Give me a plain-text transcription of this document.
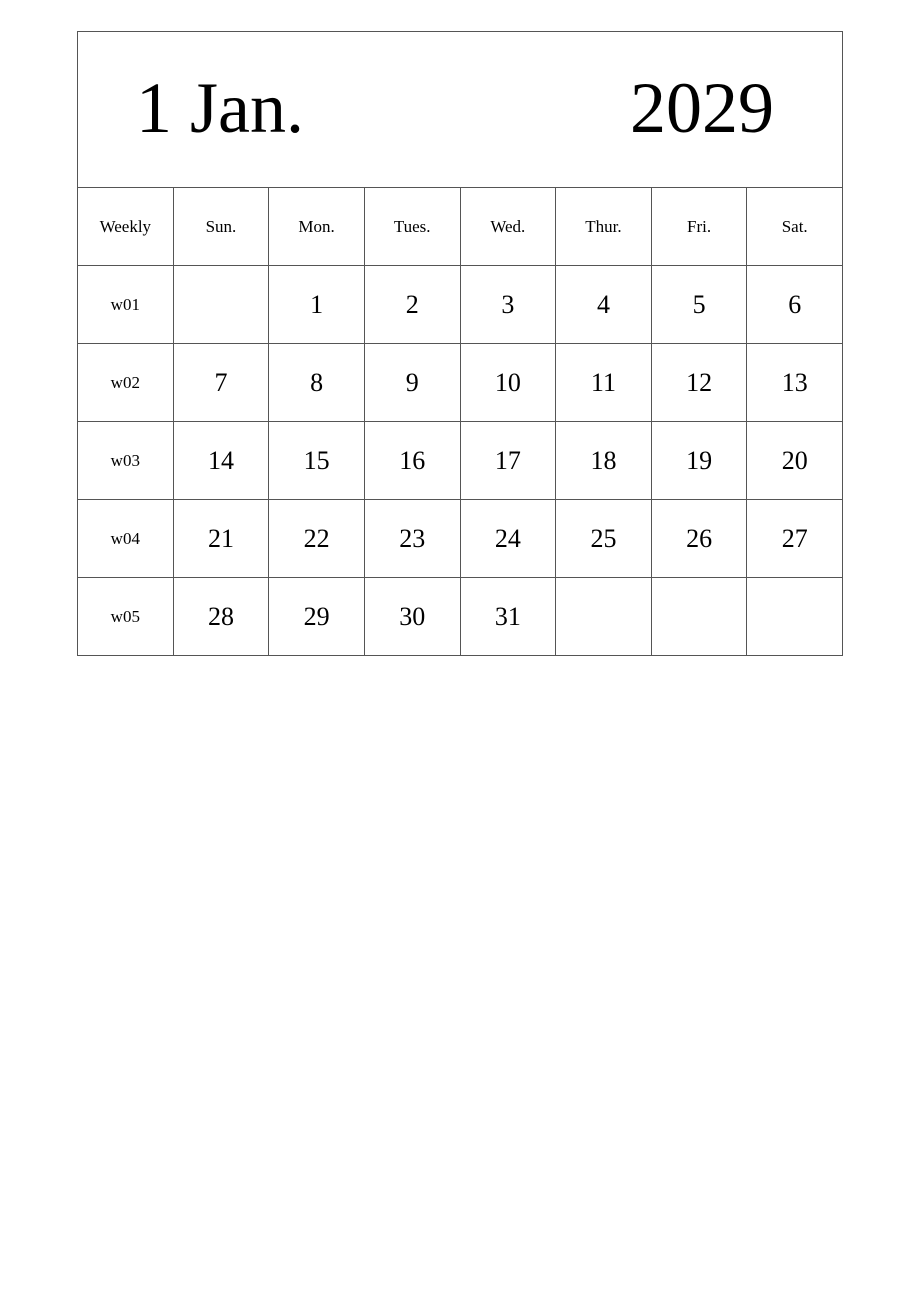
1 Jan. 2029							

Weekly	Sun.	Mon.	Tues.	Wed.	Thur.	Fri.	Sat.
w01		1	2	3	4	5	6
w02	7	8	9	10	11	12	13
w03	14	15	16	17	18	19	20
w04	21	22	23	24	25	26	27
w05	28	29	30	31			
